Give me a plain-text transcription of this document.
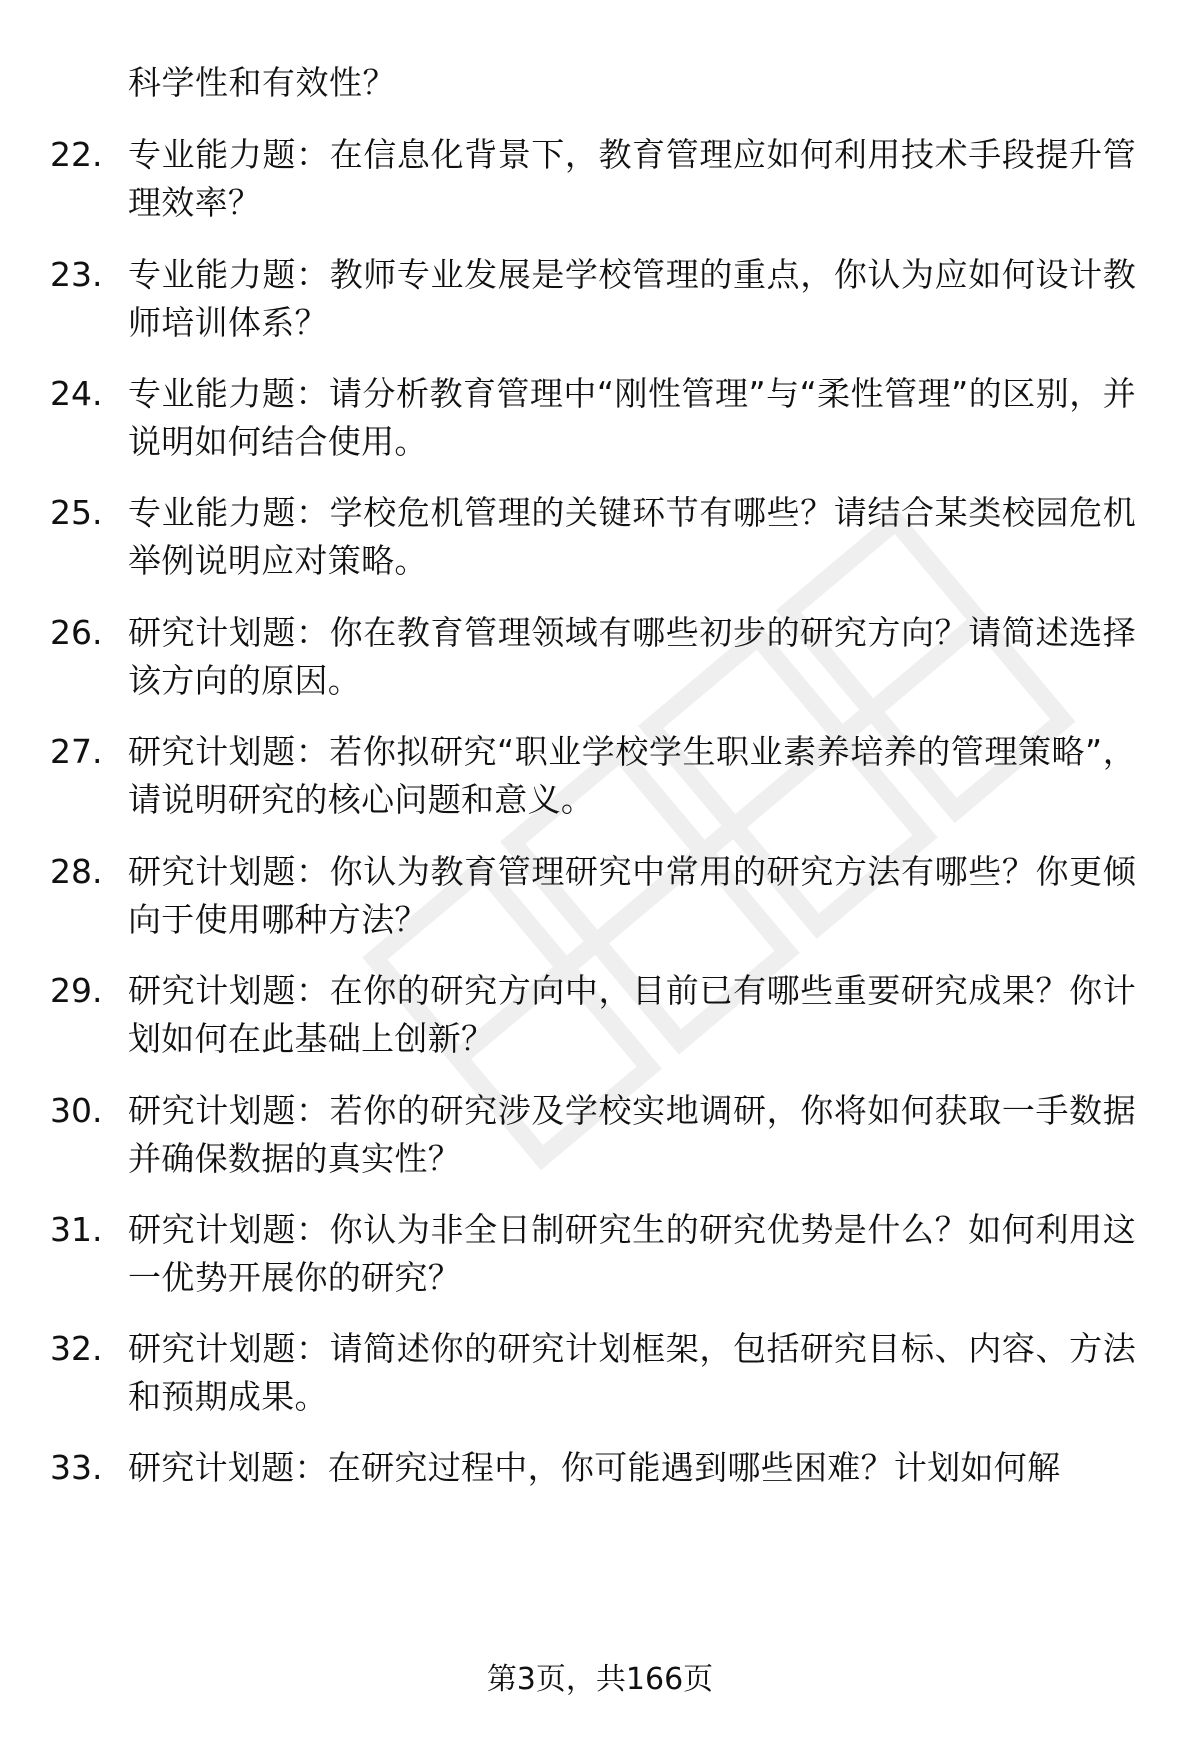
科学性和有效性？
22. 专业能力题：在信息化背景下，教育管理应如何利用技术手段提升管理效率？
23. 专业能力题：教师专业发展是学校管理的重点，你认为应如何设计教师培训体系？
24. 专业能力题：请分析教育管理中“刚性管理”与“柔性管理”的区别，并说明如何结合使用。
25. 专业能力题：学校危机管理的关键环节有哪些？请结合某类校园危机举例说明应对策略。
26. 研究计划题：你在教育管理领域有哪些初步的研究方向？请简述选择该方向的原因。
27. 研究计划题：若你拟研究“职业学校学生职业素养培养的管理策略”，请说明研究的核心问题和意义。
28. 研究计划题：你认为教育管理研究中常用的研究方法有哪些？你更倾向于使用哪种方法？
29. 研究计划题：在你的研究方向中，目前已有哪些重要研究成果？你计划如何在此基础上创新？
30. 研究计划题：若你的研究涉及学校实地调研，你将如何获取一手数据并确保数据的真实性？
31. 研究计划题：你认为非全日制研究生的研究优势是什么？如何利用这一优势开展你的研究？
32. 研究计划题：请简述你的研究计划框架，包括研究目标、内容、方法和预期成果。
33. 研究计划题：在研究过程中，你可能遇到哪些困难？计划如何解
第3页，共166页
